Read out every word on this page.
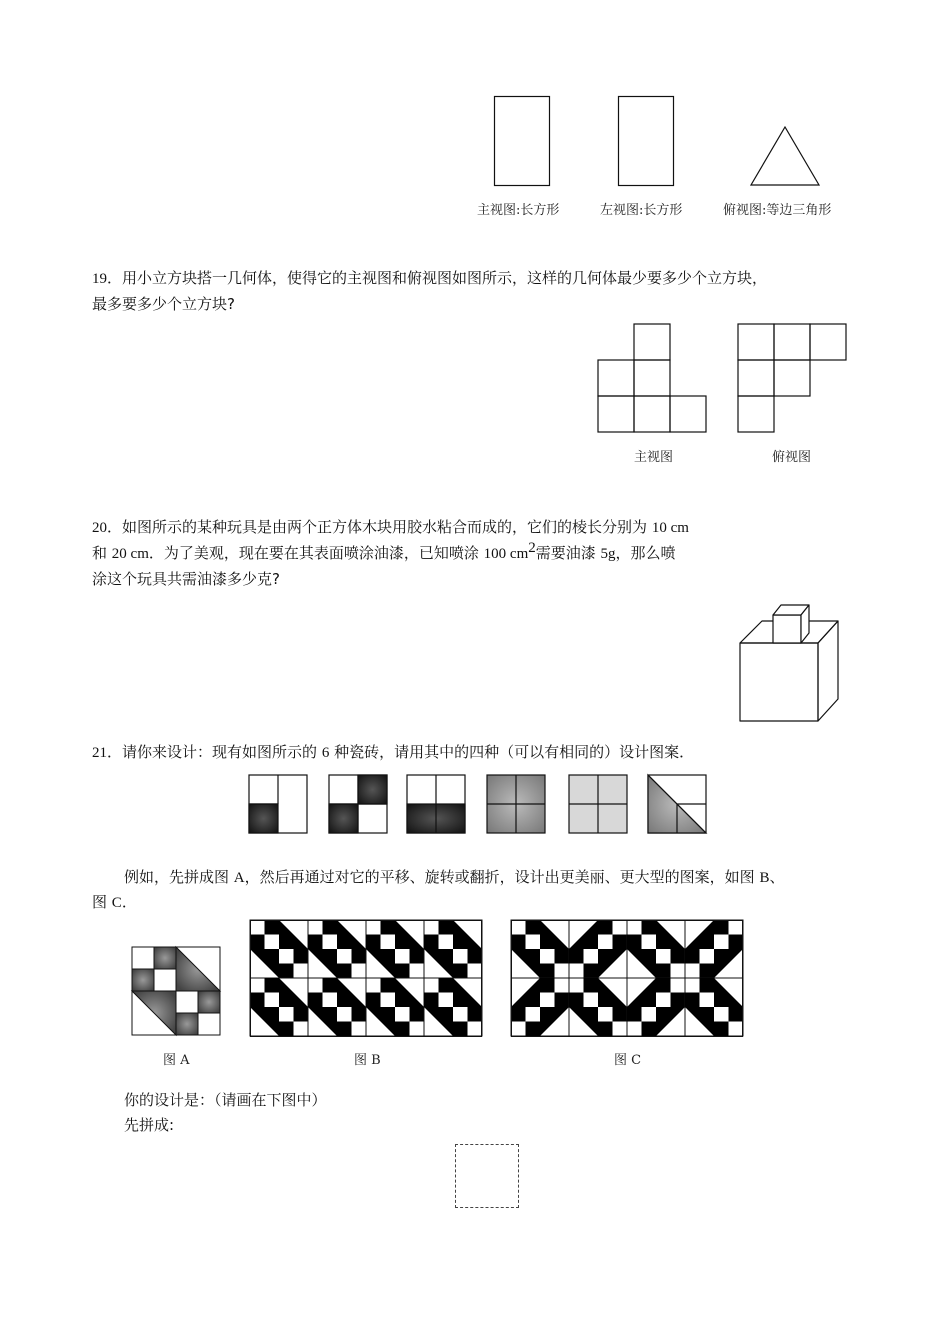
主视图:长方形	左视图:长方形	俯视图:等边三角形
19．用小立方块搭一几何体，使得它的主视图和俯视图如图所示，这样的几何体最少要多少个立方块，
最多要多少个立方块?
主视图	俯视图
20．如图所示的某种玩具是由两个正方体木块用胶水粘合而成的，它们的棱长分别为 10 cm
和 20 cm．为了美观，现在要在其表面喷涂油漆，已知喷涂 100 $cm^2$需要油漆 5g，那么喷
涂这个玩具共需油漆多少克?
21．请你来设计：现有如图所示的 6 种瓷砖，请用其中的四种（可以有相同的）设计图案．
例如，先拼成图 A，然后再通过对它的平移、旋转或翻折，设计出更美丽、更大型的图案，如图 B、
图 C．
图 A	图 B	图 C
你的设计是：（请画在下图中）
先拼成:
